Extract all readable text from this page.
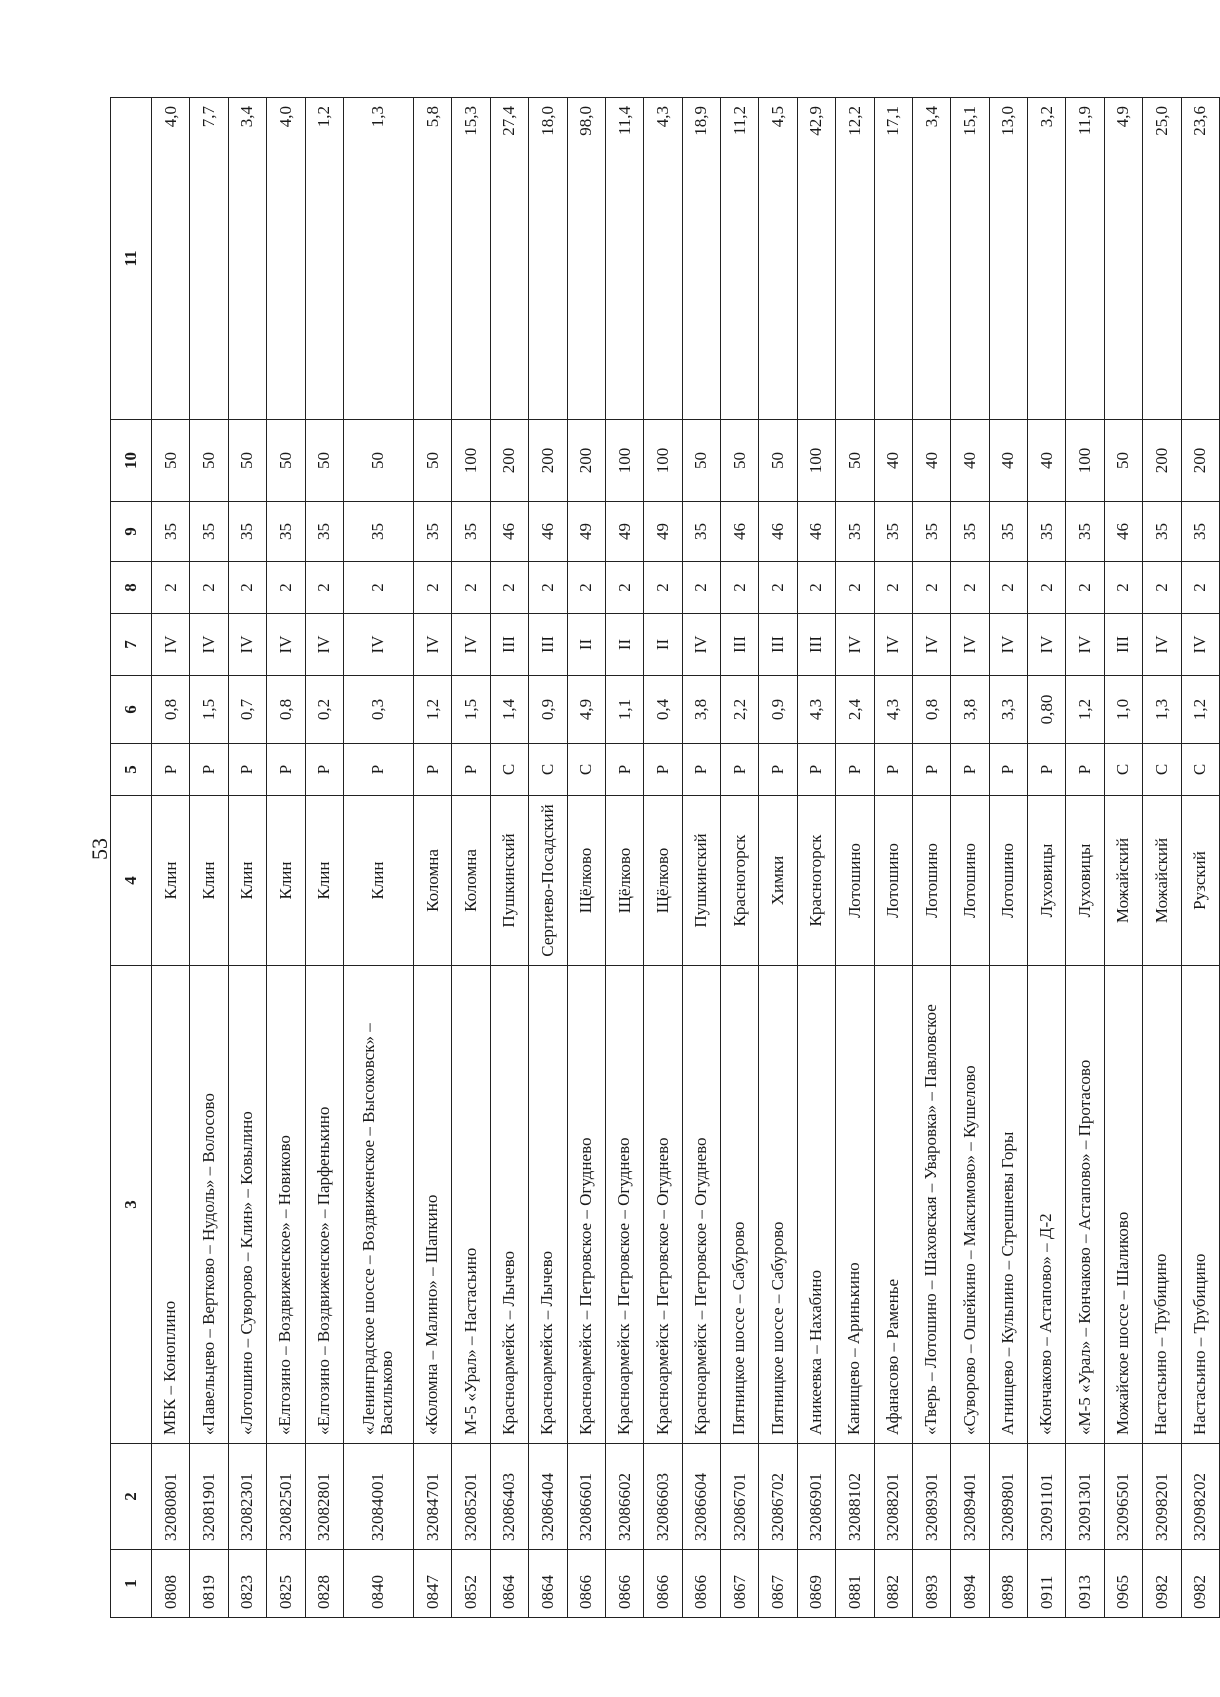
53
1	2	3	4	5	6	7	8	9	10	11
0808	32080801	МБК – Коноплино	Клин	Р	0,8	IV	2	35	50	4,0
0819	32081901	«Павельцево – Вертково – Нудоль» – Волосово	Клин	Р	1,5	IV	2	35	50	7,7
0823	32082301	«Лотошино – Суворово – Клин» – Ковылино	Клин	Р	0,7	IV	2	35	50	3,4
0825	32082501	«Елгозино – Воздвиженское» – Новиково	Клин	Р	0,8	IV	2	35	50	4,0
0828	32082801	«Елгозино – Воздвиженское» – Парфенькино	Клин	Р	0,2	IV	2	35	50	1,2
0840	32084001	«Ленинградское шоссе – Воздвиженское – Высоковск» – Васильково	Клин	Р	0,3	IV	2	35	50	1,3
0847	32084701	«Коломна – Малино» – Шапкино	Коломна	Р	1,2	IV	2	35	50	5,8
0852	32085201	М-5 «Урал» – Настасьино	Коломна	Р	1,5	IV	2	35	100	15,3
0864	32086403	Красноармейск – Лычево	Пушкинский	С	1,4	III	2	46	200	27,4
0864	32086404	Красноармейск – Лычево	Сергиево-Посадский	С	0,9	III	2	46	200	18,0
0866	32086601	Красноармейск – Петровское – Огуднево	Щёлково	С	4,9	II	2	49	200	98,0
0866	32086602	Красноармейск – Петровское – Огуднево	Щёлково	Р	1,1	II	2	49	100	11,4
0866	32086603	Красноармейск – Петровское – Огуднево	Щёлково	Р	0,4	II	2	49	100	4,3
0866	32086604	Красноармейск – Петровское – Огуднево	Пушкинский	Р	3,8	IV	2	35	50	18,9
0867	32086701	Пятницкое шоссе – Сабурово	Красногорск	Р	2,2	III	2	46	50	11,2
0867	32086702	Пятницкое шоссе – Сабурово	Химки	Р	0,9	III	2	46	50	4,5
0869	32086901	Аникеевка – Нахабино	Красногорск	Р	4,3	III	2	46	100	42,9
0881	32088102	Канищево – Аринькино	Лотошино	Р	2,4	IV	2	35	50	12,2
0882	32088201	Афанасово – Раменье	Лотошино	Р	4,3	IV	2	35	40	17,1
0893	32089301	«Тверь – Лотошино – Шаховская – Уваровка» – Павловское	Лотошино	Р	0,8	IV	2	35	40	3,4
0894	32089401	«Суворово – Ошейкино – Максимово» – Кушелово	Лотошино	Р	3,8	IV	2	35	40	15,1
0898	32089801	Агнищево – Кульпино – Стрешневы Горы	Лотошино	Р	3,3	IV	2	35	40	13,0
0911	32091101	«Кончаково – Астапово» – Д-2	Луховицы	Р	0,80	IV	2	35	40	3,2
0913	32091301	«М-5 «Урал» – Кончаково – Астапово» – Протасово	Луховицы	Р	1,2	IV	2	35	100	11,9
0965	32096501	Можайское шоссе – Шаликово	Можайский	С	1,0	III	2	46	50	4,9
0982	32098201	Настасьино – Трубицино	Можайский	С	1,3	IV	2	35	200	25,0
0982	32098202	Настасьино – Трубицино	Рузский	С	1,2	IV	2	35	200	23,6
